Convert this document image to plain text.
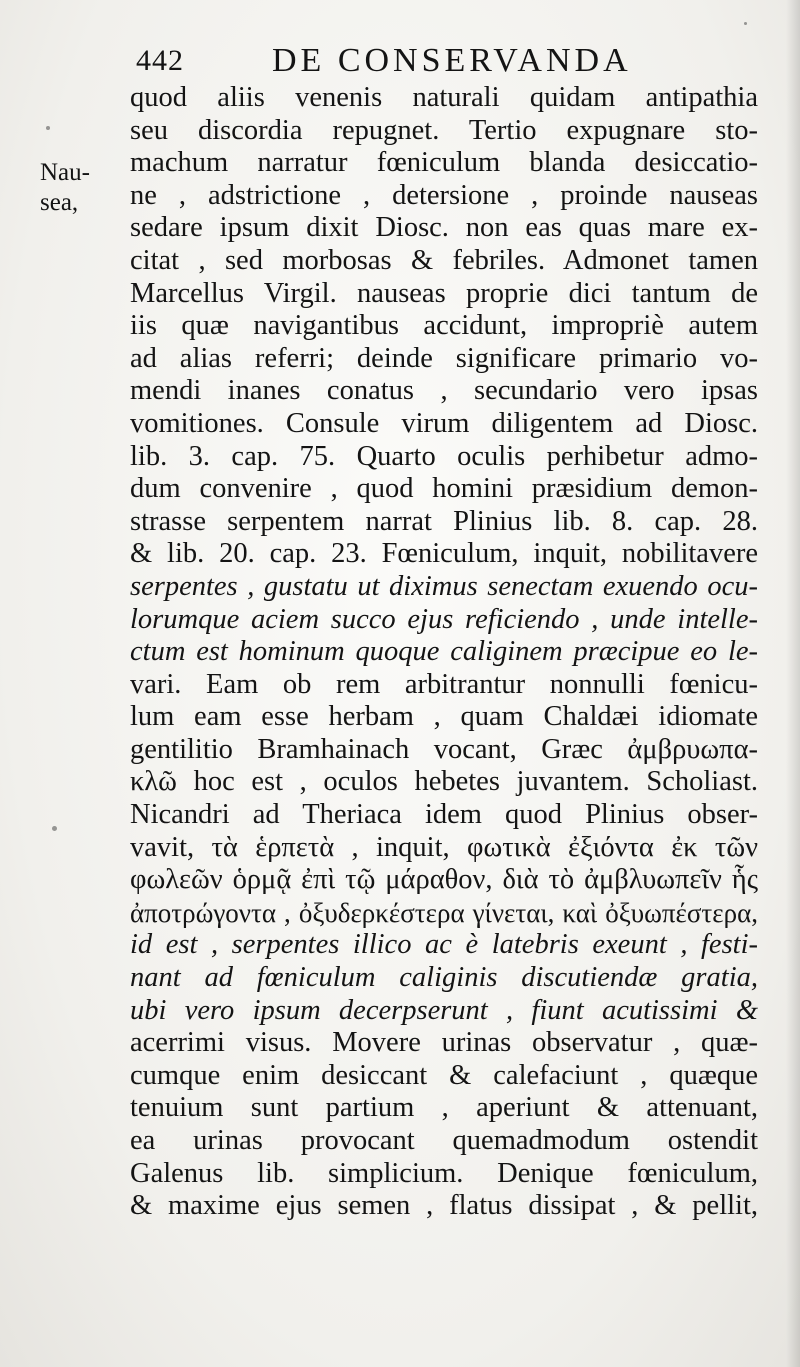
442	DE CONSERVANDA
Nau-
sea,
quod aliis venenis naturali quidam antipathia
seu discordia repugnet. Tertio expugnare sto-
machum narratur fœniculum blanda desiccatio-
ne , adstrictione , detersione , proinde nauseas
sedare ipsum dixit Diosc. non eas quas mare ex-
citat , sed morbosas & febriles. Admonet tamen
Marcellus Virgil. nauseas proprie dici tantum de
iis quæ navigantibus accidunt, impropriè autem
ad alias referri; deinde significare primario vo-
mendi inanes conatus , secundario vero ipsas
vomitiones. Consule virum diligentem ad Diosc.
lib. 3. cap. 75. Quarto oculis perhibetur admo-
dum convenire , quod homini præsidium demon-
strasse serpentem narrat Plinius lib. 8. cap. 28.
& lib. 20. cap. 23. Fœniculum, inquit, nobilitavere
serpentes , gustatu ut diximus senectam exuendo ocu-
lorumque aciem succo ejus reficiendo , unde intelle-
ctum est hominum quoque caliginem præcipue eo le-
vari. Eam ob rem arbitrantur nonnulli fœnicu-
lum eam esse herbam , quam Chaldæi idiomate
gentilitio Bramhainach vocant, Græc ἀμβρυωπα-
κλῶ hoc est , oculos hebetes juvantem. Scholiast.
Nicandri ad Theriaca idem quod Plinius obser-
vavit, τὰ ἑρπετὰ , inquit, φωτικὰ ἐξιόντα ἐκ τῶν
φωλεῶν ὁρμᾷ ἐπὶ τῷ μάραθον, διὰ τὸ ἀμβλυωπεῖν ἧς
ἀποτρώγοντα , ὀξυδερκέστερα γίνεται, καὶ ὀξυωπέστερα,
id est , serpentes illico ac è latebris exeunt , festi-
nant ad fœniculum caliginis discutiendæ gratia,
ubi vero ipsum decerpserunt , fiunt acutissimi &
acerrimi visus. Movere urinas observatur , quæ-
cumque enim desiccant & calefaciunt , quæque
tenuium sunt partium , aperiunt & attenuant,
ea urinas provocant quemadmodum ostendit
Galenus lib. simplicium. Denique fœniculum,
& maxime ejus semen , flatus dissipat , & pellit,
